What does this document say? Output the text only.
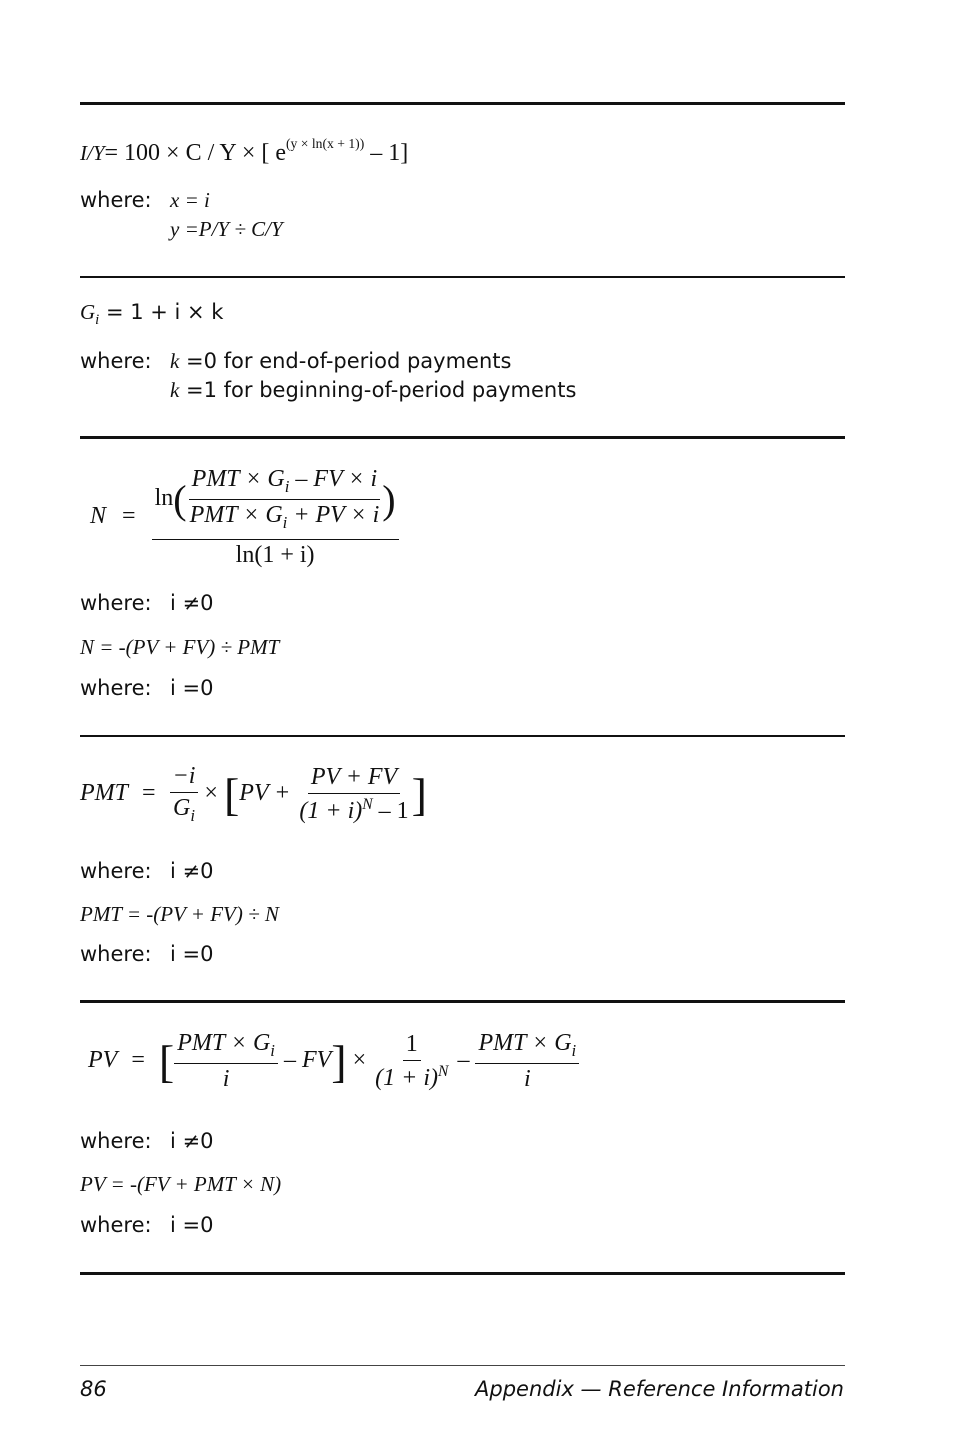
I/Y= 100 × C / Y × [ $e^{(y \times ln(x + 1))} - 1$]
where: x = i
y =P/Y ÷ C/Y
$G_i = 1 + i \times k$
where: k =0 for end-of-period payments
k =1 for beginning-of-period payments
N =
$\ln( \frac{PMT \times G_i - FV \times i}{PMT \times G_i + PV \times i}$ )
ln(1 + i)
where: i ≠0
N = -(PV + FV) ÷ PMT
where: i =0
PMT = $\frac{-i}{G_i} \times [PV + \frac{PV + FV}{(1 + i)^N - 1}$ ]
where: i ≠0
PMT = -(PV + FV) ÷ N
where: i =0
PV = [ $\frac{PMT \times G_i}{i} - FV] \times \frac{1}{(1 + i)^N} - \frac{PMT \times G_i}{i}$
where: i ≠0
PV = -(FV + PMT × N)
where: i =0
86	Appendix — Reference Information
